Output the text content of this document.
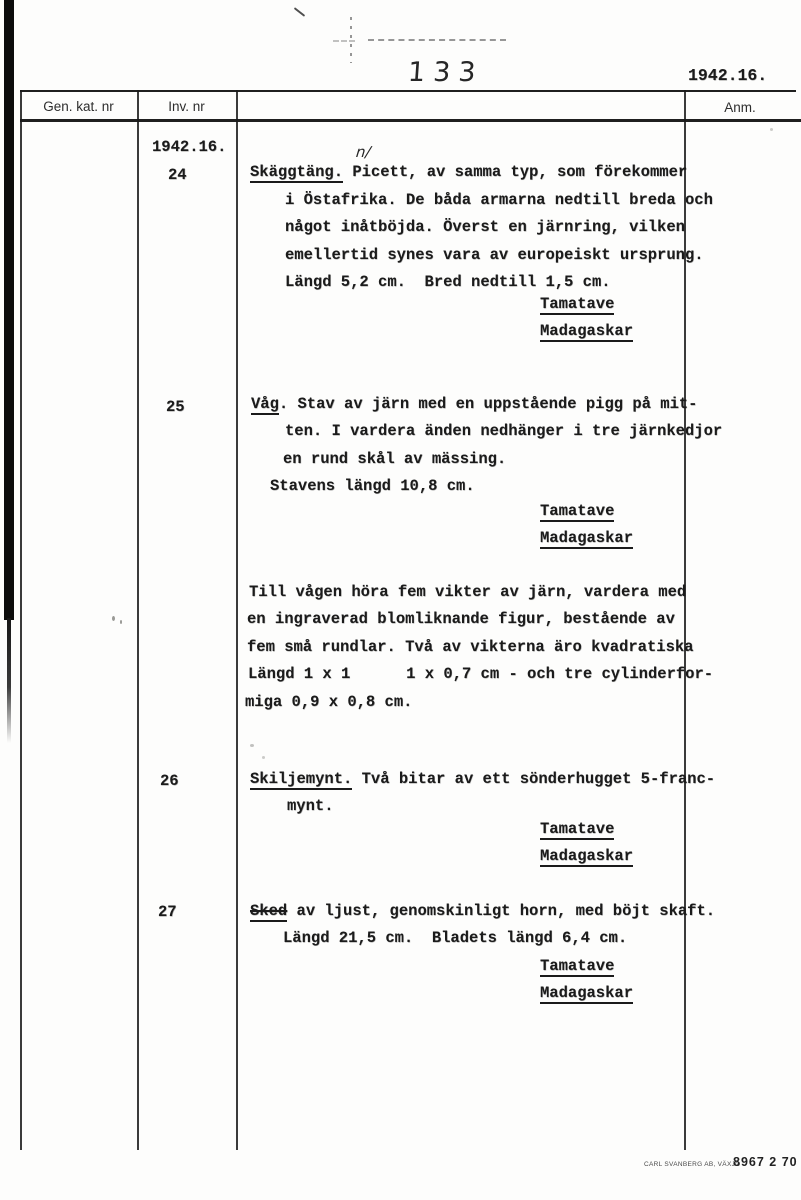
133	1942.16.
Gen. kat. nr	Inv. nr	Anm.
1942.16.
24
n/
Skäggtäng. Picett, av samma typ, som förekommer
i Östafrika. De båda armarna nedtill breda och
något inåtböjda. Överst en järnring, vilken
emellertid synes vara av europeiskt ursprung.
Längd 5,2 cm.  Bred nedtill 1,5 cm.
Tamatave
Madagaskar
25	Våg. Stav av järn med en uppstående pigg på mit-
ten. I vardera änden nedhänger i tre järnkedjor
en rund skål av mässing.
Stavens längd 10,8 cm.
Tamatave
Madagaskar
Till vågen höra fem vikter av järn, vardera med
en ingraverad blomliknande figur, bestående av
fem små rundlar. Två av vikterna äro kvadratiska
Längd 1 x 1      1 x 0,7 cm - och tre cylinderfor-
miga 0,9 x 0,8 cm.
26	Skiljemynt. Två bitar av ett sönderhugget 5-franc-
mynt.
Tamatave
Madagaskar
27	Sked av ljust, genomskinligt horn, med böjt skaft.
Längd 21,5 cm.  Bladets längd 6,4 cm.
Tamatave
Madagaskar
CARL SVANBERG AB, VÄXJÖ
8967 2 70
